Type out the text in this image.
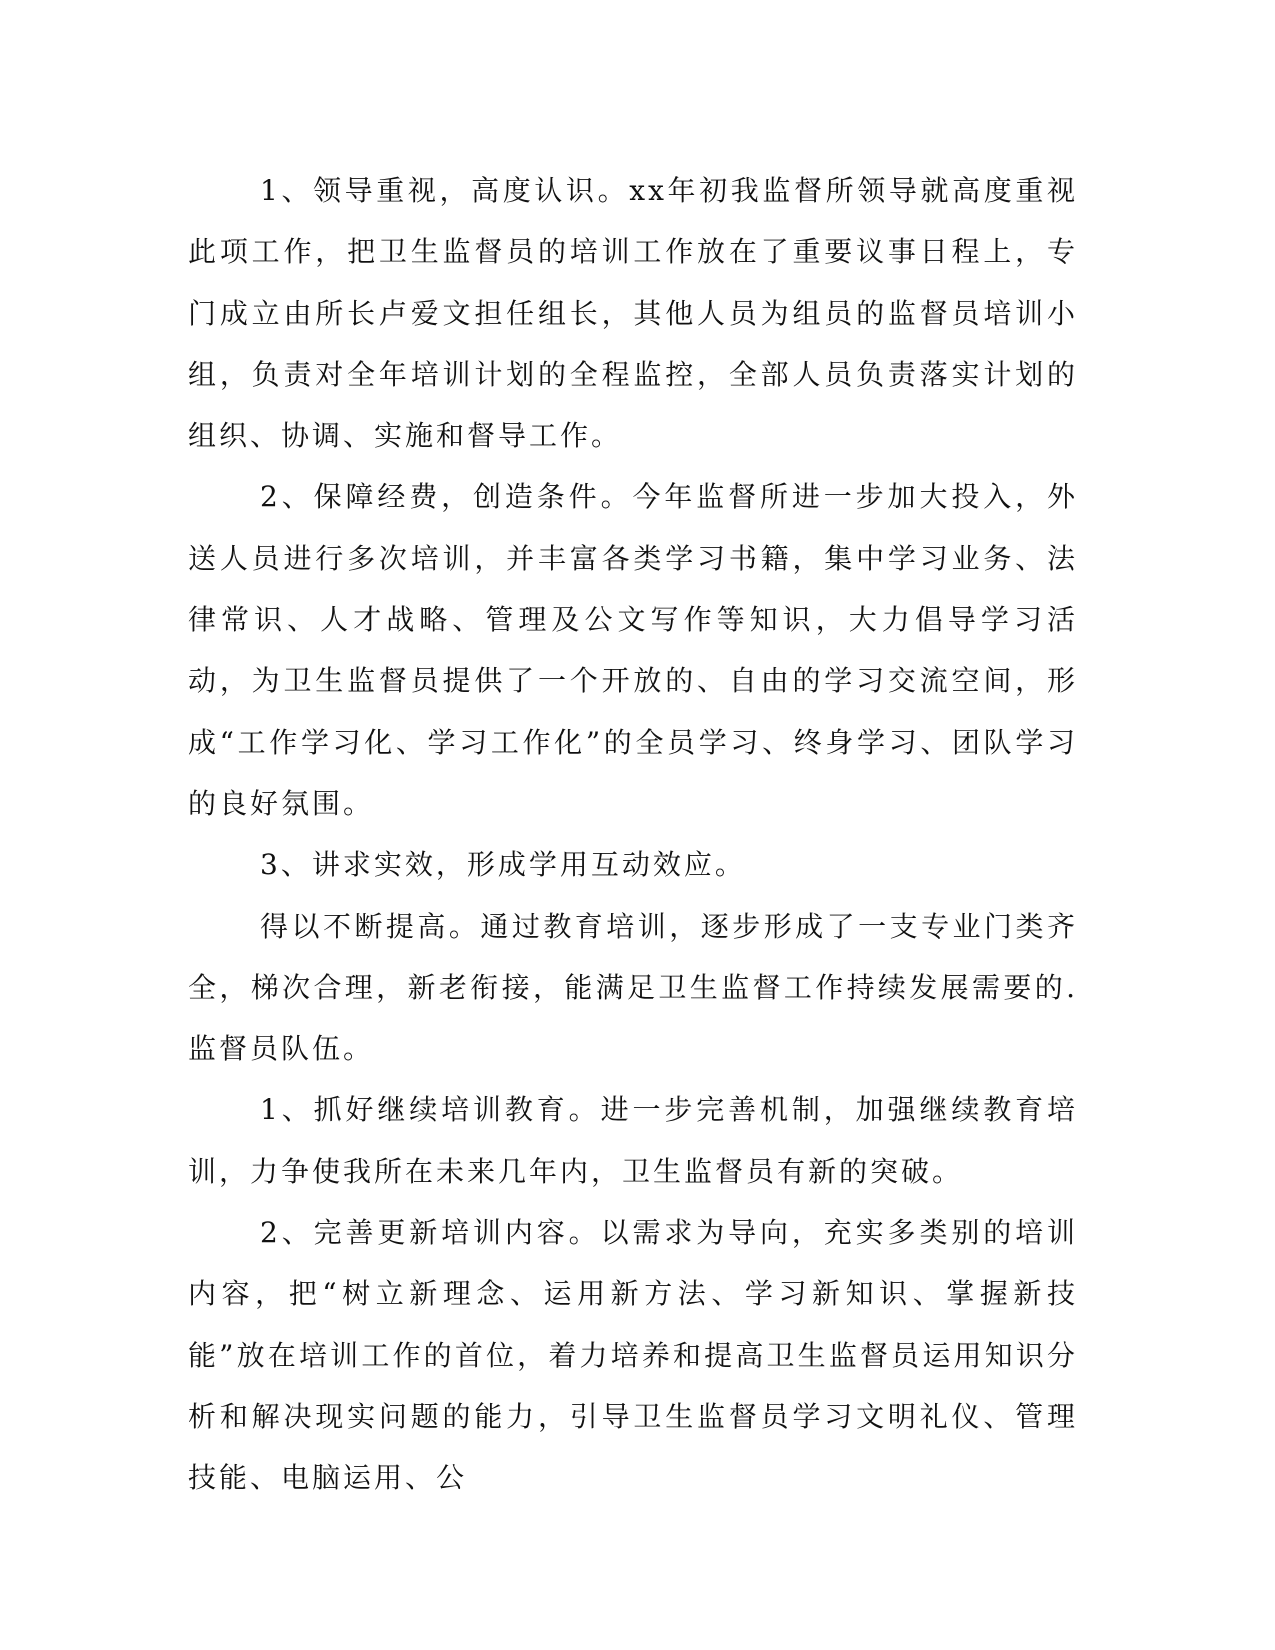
1、领导重视，高度认识。xx年初我监督所领导就高度重视此项工作，把卫生监督员的培训工作放在了重要议事日程上，专门成立由所长卢爱文担任组长，其他人员为组员的监督员培训小组，负责对全年培训计划的全程监控，全部人员负责落实计划的组织、协调、实施和督导工作。

2、保障经费，创造条件。今年监督所进一步加大投入，外送人员进行多次培训，并丰富各类学习书籍，集中学习业务、法律常识、人才战略、管理及公文写作等知识，大力倡导学习活动，为卫生监督员提供了一个开放的、自由的学习交流空间，形成“工作学习化、学习工作化”的全员学习、终身学习、团队学习的良好氛围。

3、讲求实效，形成学用互动效应。

得以不断提高。通过教育培训，逐步形成了一支专业门类齐全，梯次合理，新老衔接，能满足卫生监督工作持续发展需要的.监督员队伍。

1、抓好继续培训教育。进一步完善机制，加强继续教育培训，力争使我所在未来几年内，卫生监督员有新的突破。

2、完善更新培训内容。以需求为导向，充实多类别的培训内容，把“树立新理念、运用新方法、学习新知识、掌握新技能”放在培训工作的首位，着力培养和提高卫生监督员运用知识分析和解决现实问题的能力，引导卫生监督员学习文明礼仪、管理技能、电脑运用、公
